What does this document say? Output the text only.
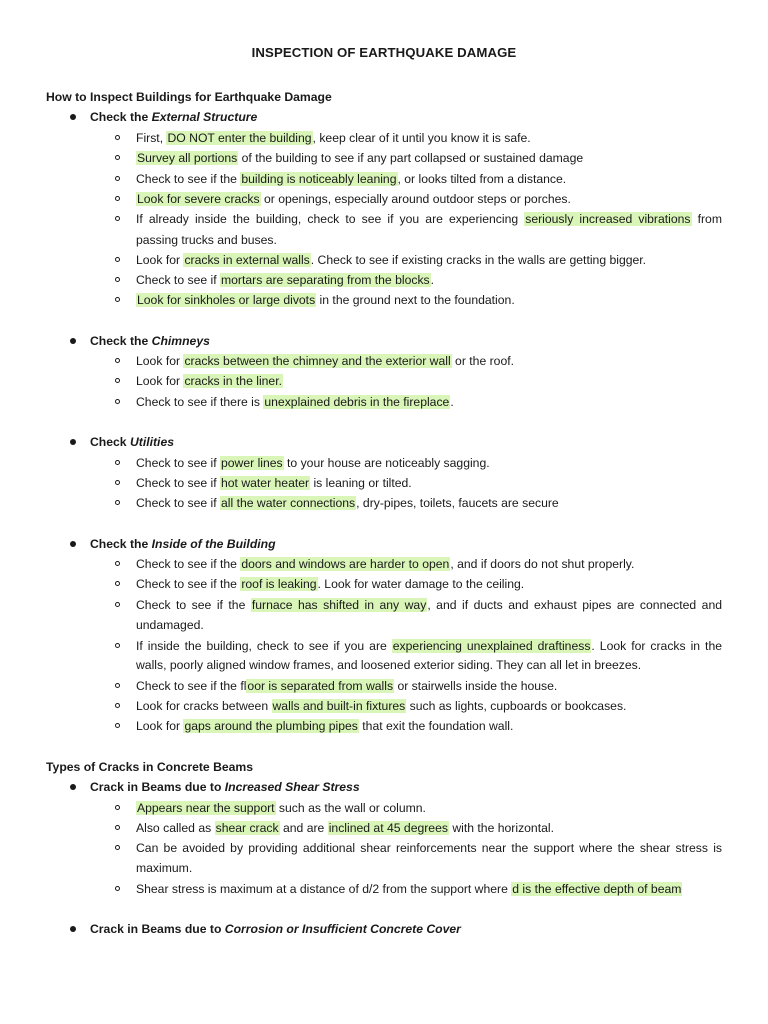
INSPECTION OF EARTHQUAKE DAMAGE
How to Inspect Buildings for Earthquake Damage
Check the External Structure
First, DO NOT enter the building, keep clear of it until you know it is safe.
Survey all portions of the building to see if any part collapsed or sustained damage
Check to see if the building is noticeably leaning, or looks tilted from a distance.
Look for severe cracks or openings, especially around outdoor steps or porches.
If already inside the building, check to see if you are experiencing seriously increased vibrations from
passing trucks and buses.
Look for cracks in external walls. Check to see if existing cracks in the walls are getting bigger.
Check to see if mortars are separating from the blocks.
Look for sinkholes or large divots in the ground next to the foundation.
Check the Chimneys
Look for cracks between the chimney and the exterior wall or the roof.
Look for cracks in the liner.
Check to see if there is unexplained debris in the fireplace.
Check Utilities
Check to see if power lines to your house are noticeably sagging.
Check to see if hot water heater is leaning or tilted.
Check to see if all the water connections, dry-pipes, toilets, faucets are secure
Check the Inside of the Building
Check to see if the doors and windows are harder to open, and if doors do not shut properly.
Check to see if the roof is leaking. Look for water damage to the ceiling.
Check to see if the furnace has shifted in any way, and if ducts and exhaust pipes are connected and
undamaged.
If inside the building, check to see if you are experiencing unexplained draftiness. Look for cracks in the
walls, poorly aligned window frames, and loosened exterior siding. They can all let in breezes.
Check to see if the floor is separated from walls or stairwells inside the house.
Look for cracks between walls and built-in fixtures such as lights, cupboards or bookcases.
Look for gaps around the plumbing pipes that exit the foundation wall.
Types of Cracks in Concrete Beams
Crack in Beams due to Increased Shear Stress
Appears near the support such as the wall or column.
Also called as shear crack and are inclined at 45 degrees with the horizontal.
Can be avoided by providing additional shear reinforcements near the support where the shear stress is
maximum.
Shear stress is maximum at a distance of d/2 from the support where d is the effective depth of beam
Crack in Beams due to Corrosion or Insufficient Concrete Cover
